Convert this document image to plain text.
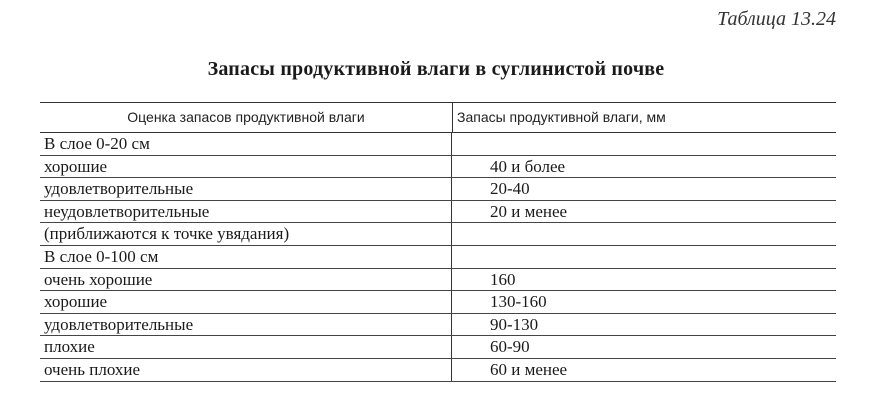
Таблица 13.24
Запасы продуктивной влаги в суглинистой почве
Оценка запасов продуктивной влаги	Запасы продуктивной влаги, мм
В слое 0-20 см
хорошие	40 и более
удовлетворительные	20-40
неудовлетворительные	20 и менее
(приближаются к точке увядания)
В слое 0-100 см
очень хорошие	160
хорошие	130-160
удовлетворительные	90-130
плохие	60-90
очень плохие	60 и менее
